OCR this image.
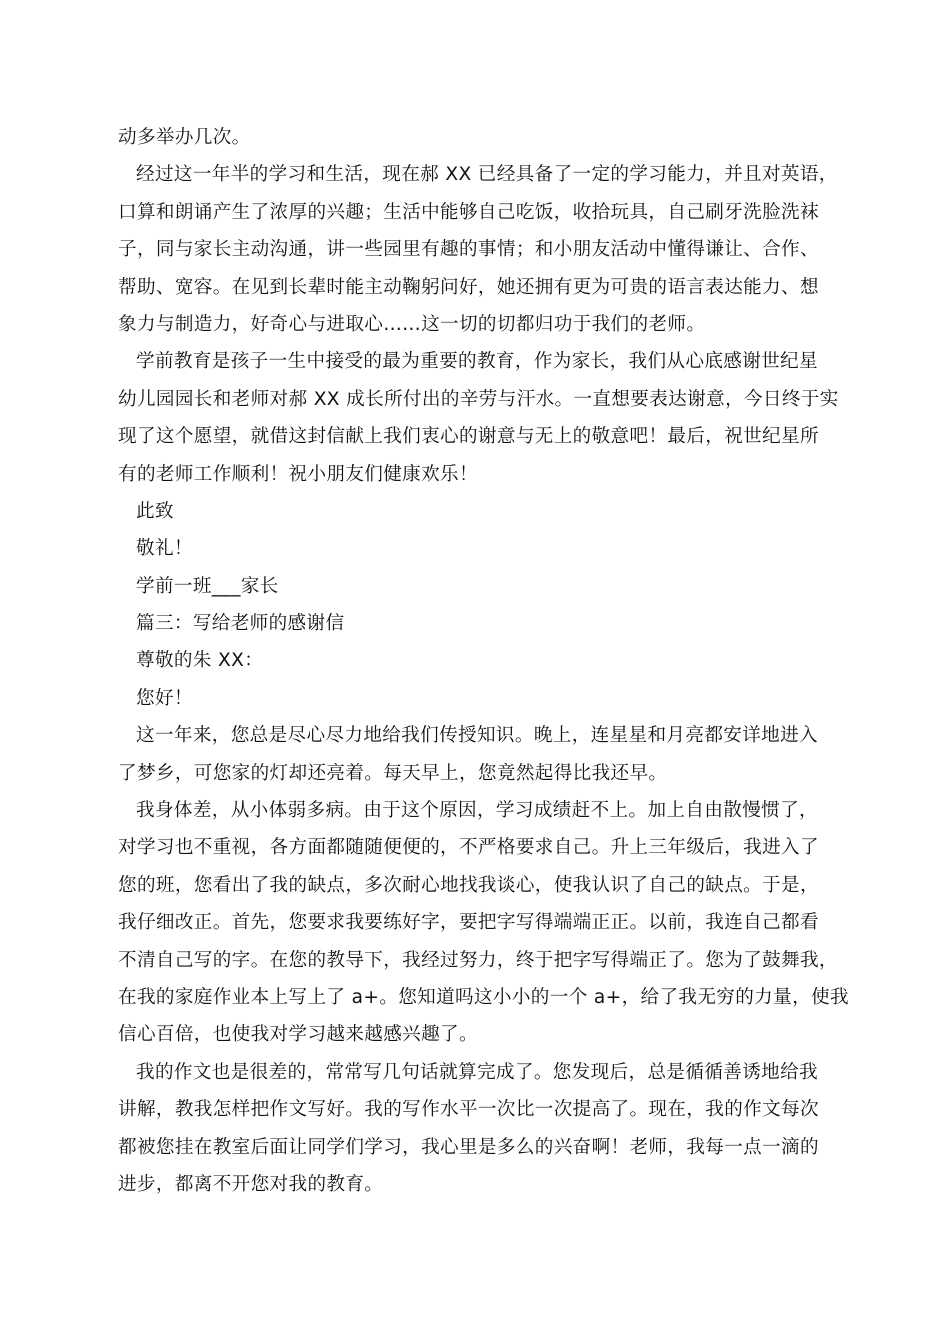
动多举办几次。
经过这一年半的学习和生活，现在郝 XX 已经具备了一定的学习能力，并且对英语，
口算和朗诵产生了浓厚的兴趣；生活中能够自己吃饭，收拾玩具，自己刷牙洗脸洗袜
子，同与家长主动沟通，讲一些园里有趣的事情；和小朋友活动中懂得谦让、合作、
帮助、宽容。在见到长辈时能主动鞠躬问好，她还拥有更为可贵的语言表达能力、想
象力与制造力，好奇心与进取心……这一切的切都归功于我们的老师。
学前教育是孩子一生中接受的最为重要的教育，作为家长，我们从心底感谢世纪星
幼儿园园长和老师对郝 XX 成长所付出的辛劳与汗水。一直想要表达谢意，今日终于实
现了这个愿望，就借这封信献上我们衷心的谢意与无上的敬意吧！最后，祝世纪星所
有的老师工作顺利！祝小朋友们健康欢乐！
此致
敬礼！
学前一班___家长
篇三：写给老师的感谢信
尊敬的朱 XX：
您好！
这一年来，您总是尽心尽力地给我们传授知识。晚上，连星星和月亮都安详地进入
了梦乡，可您家的灯却还亮着。每天早上，您竟然起得比我还早。
我身体差，从小体弱多病。由于这个原因，学习成绩赶不上。加上自由散慢惯了，
对学习也不重视，各方面都随随便便的，不严格要求自己。升上三年级后，我进入了
您的班，您看出了我的缺点，多次耐心地找我谈心，使我认识了自己的缺点。于是，
我仔细改正。首先，您要求我要练好字，要把字写得端端正正。以前，我连自己都看
不清自己写的字。在您的教导下，我经过努力，终于把字写得端正了。您为了鼓舞我，
在我的家庭作业本上写上了 a+。您知道吗这小小的一个 a+，给了我无穷的力量，使我
信心百倍，也使我对学习越来越感兴趣了。
我的作文也是很差的，常常写几句话就算完成了。您发现后，总是循循善诱地给我
讲解，教我怎样把作文写好。我的写作水平一次比一次提高了。现在，我的作文每次
都被您挂在教室后面让同学们学习，我心里是多么的兴奋啊！老师，我每一点一滴的
进步，都离不开您对我的教育。
